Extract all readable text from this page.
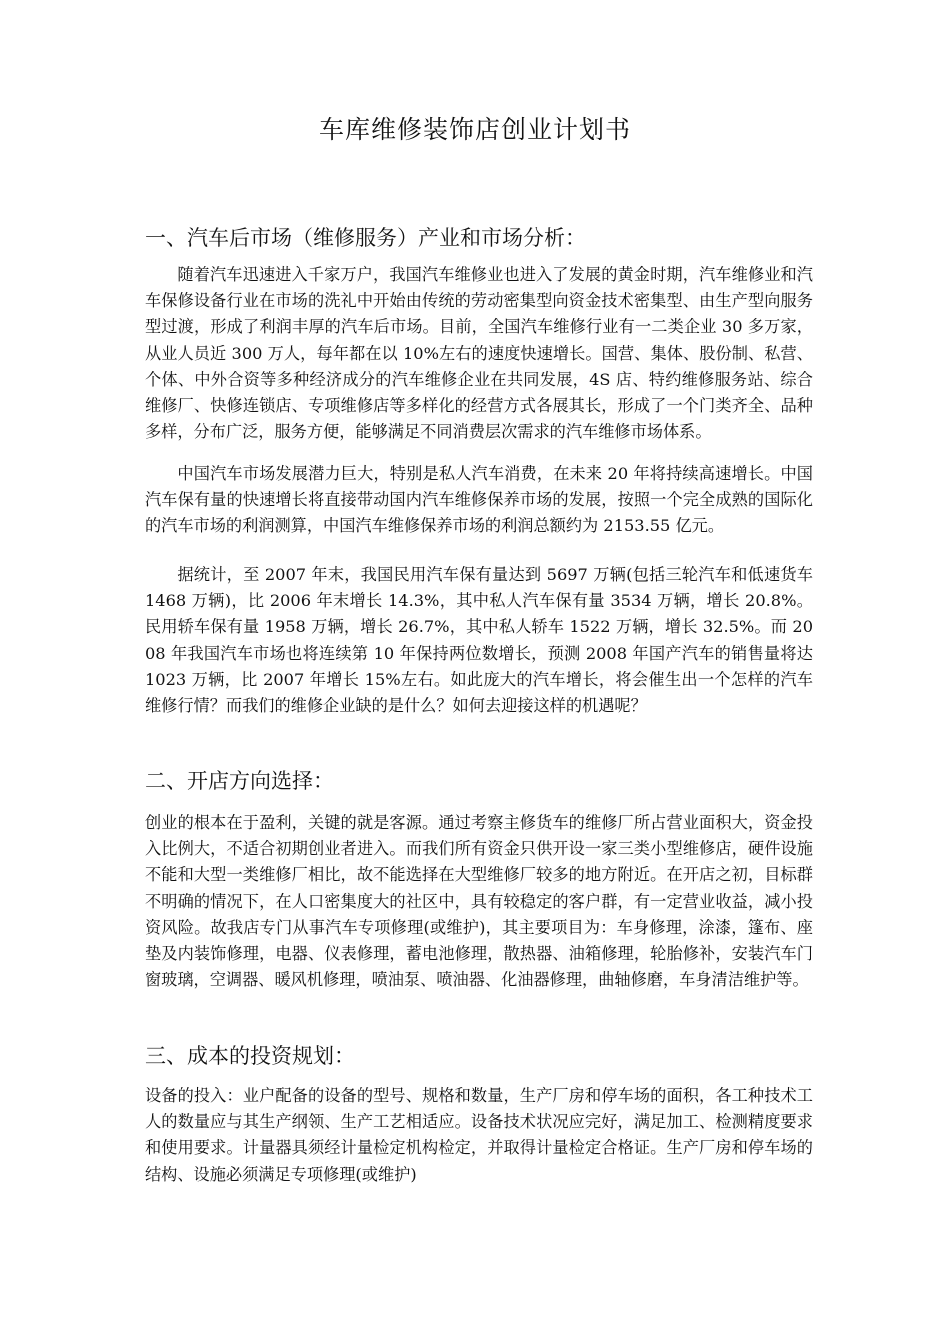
车库维修装饰店创业计划书
一、汽车后市场（维修服务）产业和市场分析：

随着汽车迅速进入千家万户，我国汽车维修业也进入了发展的黄金时期，汽车维修业和汽车保修设备行业在市场的洗礼中开始由传统的劳动密集型向资金技术密集型、由生产型向服务型过渡，形成了利润丰厚的汽车后市场。目前，全国汽车维修行业有一二类企业 30 多万家，从业人员近 300 万人，每年都在以 10%左右的速度快速增长。国营、集体、股份制、私营、个体、中外合资等多种经济成分的汽车维修企业在共同发展，4S 店、特约维修服务站、综合维修厂、快修连锁店、专项维修店等多样化的经营方式各展其长，形成了一个门类齐全、品种多样，分布广泛，服务方便，能够满足不同消费层次需求的汽车维修市场体系。

中国汽车市场发展潜力巨大，特别是私人汽车消费，在未来 20 年将持续高速增长。中国汽车保有量的快速增长将直接带动国内汽车维修保养市场的发展，按照一个完全成熟的国际化的汽车市场的利润测算，中国汽车维修保养市场的利润总额约为 2153.55 亿元。

据统计，至 2007 年末，我国民用汽车保有量达到 5697 万辆(包括三轮汽车和低速货车 1468 万辆)，比 2006 年末增长 14.3%，其中私人汽车保有量 3534 万辆，增长 20.8%。民用轿车保有量 1958 万辆，增长 26.7%，其中私人轿车 1522 万辆，增长 32.5%。而 2008 年我国汽车市场也将连续第 10 年保持两位数增长，预测 2008 年国产汽车的销售量将达 1023 万辆，比 2007 年增长 15%左右。如此庞大的汽车增长，将会催生出一个怎样的汽车维修行情？而我们的维修企业缺的是什么？如何去迎接这样的机遇呢？

二、开店方向选择：

创业的根本在于盈利，关键的就是客源。通过考察主修货车的维修厂所占营业面积大，资金投入比例大，不适合初期创业者进入。而我们所有资金只供开设一家三类小型维修店，硬件设施不能和大型一类维修厂相比，故不能选择在大型维修厂较多的地方附近。在开店之初，目标群不明确的情况下，在人口密集度大的社区中，具有较稳定的客户群，有一定营业收益，减小投资风险。故我店专门从事汽车专项修理(或维护)，其主要项目为：车身修理，涂漆，篷布、座垫及内装饰修理，电器、仪表修理，蓄电池修理，散热器、油箱修理，轮胎修补，安装汽车门窗玻璃，空调器、暖风机修理，喷油泵、喷油器、化油器修理，曲轴修磨，车身清洁维护等。

三、成本的投资规划：

设备的投入：业户配备的设备的型号、规格和数量，生产厂房和停车场的面积，各工种技术工人的数量应与其生产纲领、生产工艺相适应。设备技术状况应完好，满足加工、检测精度要求和使用要求。计量器具须经计量检定机构检定，并取得计量检定合格证。生产厂房和停车场的结构、设施必须满足专项修理(或维护)
